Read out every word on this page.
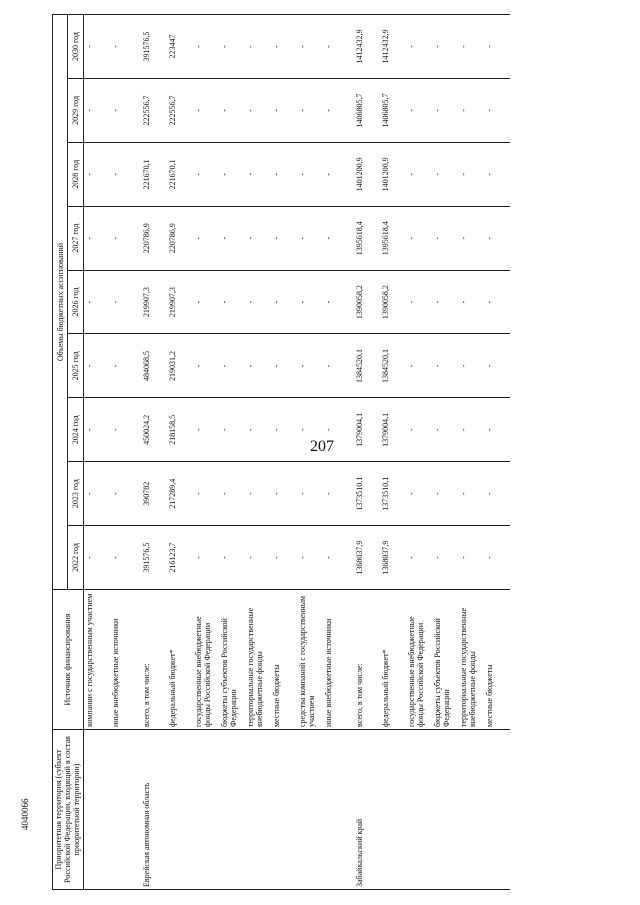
207
4040066	Приоритетная территория (субъект Российской Федерации, входящий в состав приоритетной территории)	Источник финансирования	Объемы бюджетных ассигнований								
		2022 год	2023 год	2024 год	2025 год	2026 год	2027 год	2028 год	2029 год	2030 год
	компании с государственным участием	-	-	-	-	-	-	-	-	-
	иные внебюджетные источники	-	-	-	-	-	-	-	-	-
Еврейская автономная область	всего, в том числе:	391576,5	390782	450024,2	484068,5	219907,3	220786,9	221670,1	222556,7	391576,5
	федеральный бюджет*	216123,7	217289,4	218158,5	219031,2	219907,3	220786,9	221670,1	222556,7	223447
	государственные внебюджетные фонды Российской Федерации	-	-	-	-	-	-	-	-	-
	бюджеты субъектов Российской Федерации	-	-	-	-	-	-	-	-	-
	территориальные государственные внебюджетные фонды	-	-	-	-	-	-	-	-	-
	местные бюджеты	-	-	-	-	-	-	-	-	-
	средства компаний с государственным участием	-	-	-	-	-	-	-	-	-
	иные внебюджетные источники	-	-	-	-	-	-	-	-	-
Забайкальский край	всего, в том числе:	1368037,9	1373510,1	1379004,1	1384520,1	1390058,2	1395618,4	1401200,9	1406805,7	1412432,9
	федеральный бюджет*	1368037,9	1373510,1	1379004,1	1384520,1	1390058,2	1395618,4	1401200,9	1406805,7	1412432,9
	государственные внебюджетные фонды Российской Федерации	-	-	-	-	-	-	-	-	-
	бюджеты субъектов Российской Федерации	-	-	-	-	-	-	-	-	-
	территориальные государственные внебюджетные фонды	-	-	-	-	-	-	-	-	-
	местные бюджеты	-	-	-	-	-	-	-	-	-
